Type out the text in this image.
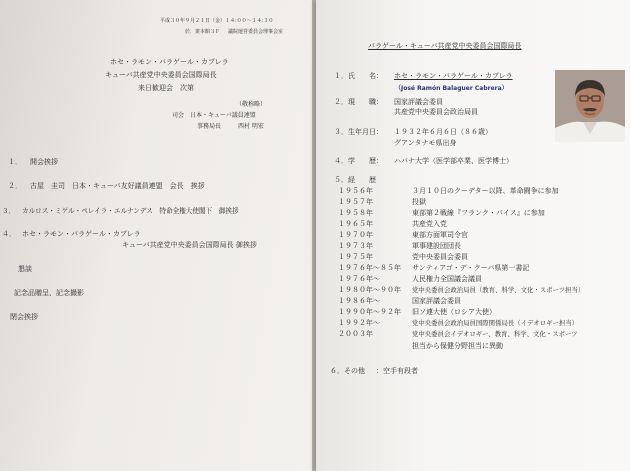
平成３０年９月２１日（金）１４:００～１４:３０
於．衆本館３Ｆ 議院運営委員会理事会室
ホセ・ラモン・バラゲール・カブレラ
キューバ共産党中央委員会国際局長
来日歓迎会　次第
（敬称略）
司会　日本・キューバ議員連盟
事務局長	西村 明宏
１． 開会挨拶
２． 古屋　圭司　日本・キューバ友好議員連盟　会長　挨拶
３． カルロス・ミゲル・ペレイラ・エルナンデス　特命全権大使閣下　御挨拶
４． ホセ・ラモン・バラゲール・カブレラ
キューバ共産党中央委員会国際局長 御挨拶
懇談
記念品贈呈、記念撮影
閉会挨拶
バラゲール・キューバ共産党中央委員会国際局長
１．氏　　名： ホセ・ラモン・バラゲール・カブレラ
（José Ramón Balaguer Cabrera）
２．現　　職： 国家評議会委員
共産党中央委員会政治局員
３．生年月日： １９３２年６月６日（８６歳）
グアンタナモ県出身
４．学　　歴： ハバナ大学（医学部卒業、医学博士）
５．経　　歴
１９５６年	３月１０日のクーデター以降、革命闘争に参加
１９５７年	投獄
１９５８年	東部第２戦線『フランク・パイス』に参加
１９６５年	共産党入党
１９７０年	東部方面軍司令官
１９７３年	軍事建設団団長
１９７５年	党中央委員会委員
１９７６年～８５年 サンティアゴ・デ・クーバ県第一書記
１９７６年～	人民権力全国議会議員
１９８０年～９０年 党中央委員会政治局員（教育、科学、文化・スポーツ担当）
１９８６年～	国家評議会委員
１９９０年～９２年 旧ソ連大使（ロシア大使）
１９９２年～	党中央委員会政治局員国際関係局長（イデオロギー担当）
２００３年	党中央委員会イデオロギー、教育、科学、文化・スポーツ
担当から保健分野担当に異動
６．その他 ：空手有段者
